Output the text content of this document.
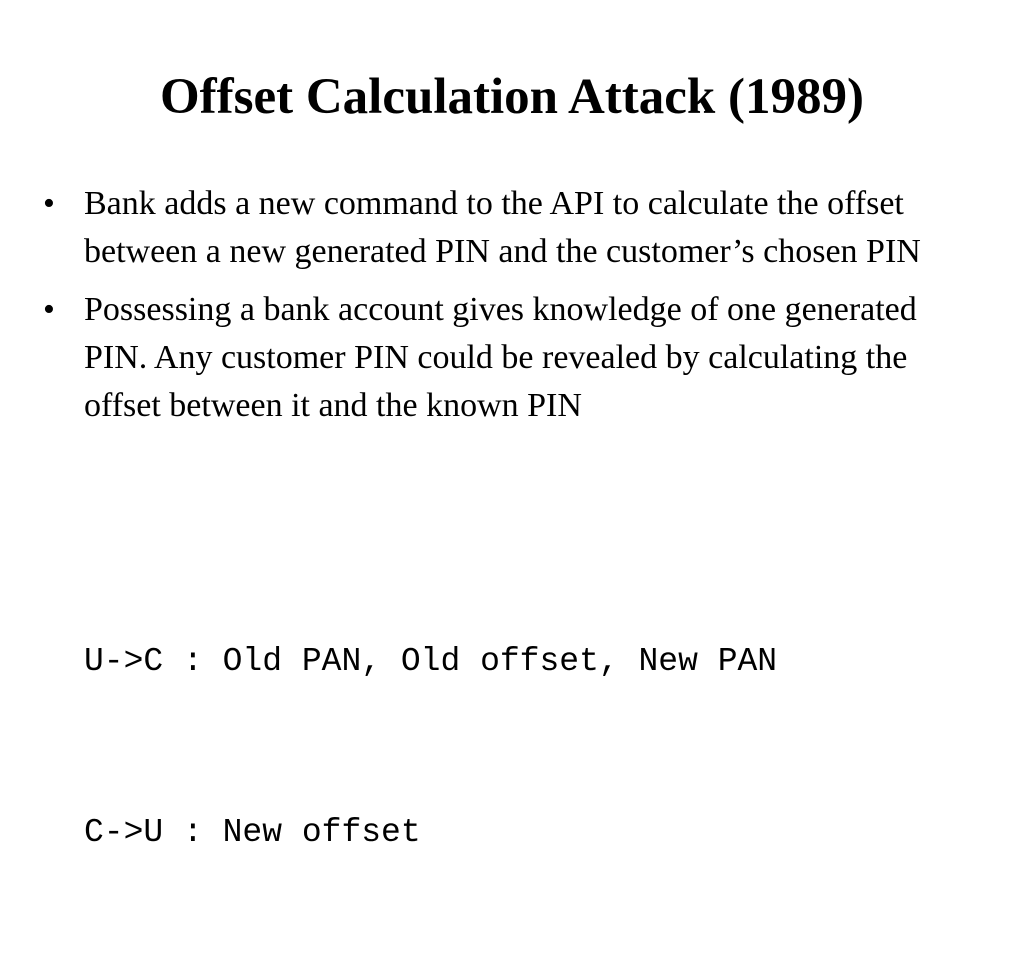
Offset Calculation Attack (1989)
• Bank adds a new command to the API to calculate the offset between a new generated PIN and the customer’s chosen PIN
• Possessing a bank account gives knowledge of one generated PIN. Any customer PIN could be revealed by calculating the offset between it and the known PIN

U->C : Old PAN, Old offset, New PAN

C->U : New offset
